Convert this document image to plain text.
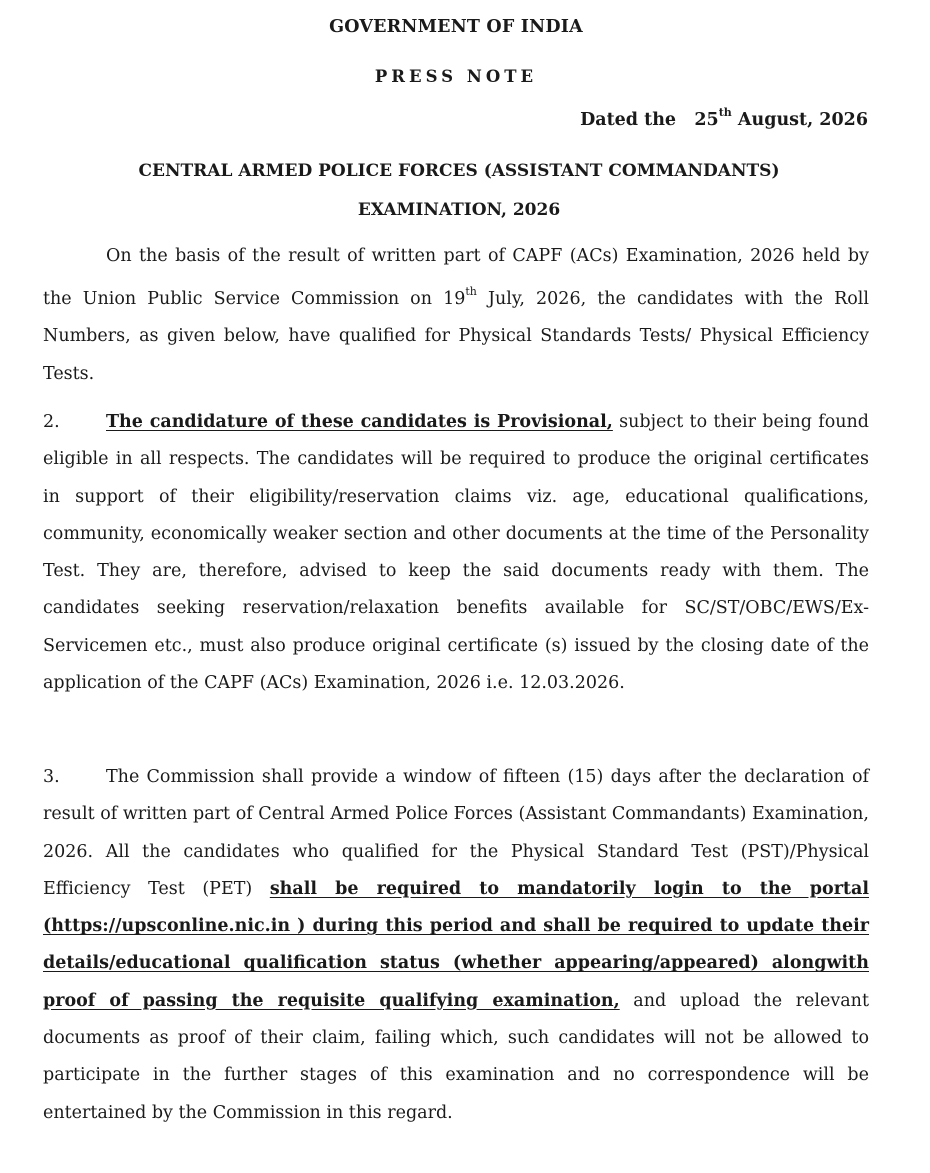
GOVERNMENT OF INDIA
PRESS NOTE
Dated the 25th August, 2026
CENTRAL ARMED POLICE FORCES (ASSISTANT COMMANDANTS)
EXAMINATION, 2026
On the basis of the result of written part of CAPF (ACs) Examination, 2026 held by the Union Public Service Commission on 19th July, 2026, the candidates with the Roll Numbers, as given below, have qualified for Physical Standards Tests/ Physical Efficiency Tests.
2.	The candidature of these candidates is Provisional, subject to their being found eligible in all respects. The candidates will be required to produce the original certificates in support of their eligibility/reservation claims viz. age, educational qualifications, community, economically weaker section and other documents at the time of the Personality Test. They are, therefore, advised to keep the said documents ready with them. The candidates seeking reservation/relaxation benefits available for SC/ST/OBC/EWS/Ex-Servicemen etc., must also produce original certificate (s) issued by the closing date of the application of the CAPF (ACs) Examination, 2026 i.e. 12.03.2026.
3.	The Commission shall provide a window of fifteen (15) days after the declaration of result of written part of Central Armed Police Forces (Assistant Commandants) Examination, 2026. All the candidates who qualified for the Physical Standard Test (PST)/Physical Efficiency Test (PET) shall be required to mandatorily login to the portal (https://upsconline.nic.in ) during this period and shall be required to update their details/educational qualification status (whether appearing/appeared) alongwith proof of passing the requisite qualifying examination, and upload the relevant documents as proof of their claim, failing which, such candidates will not be allowed to participate in the further stages of this examination and no correspondence will be entertained by the Commission in this regard.
